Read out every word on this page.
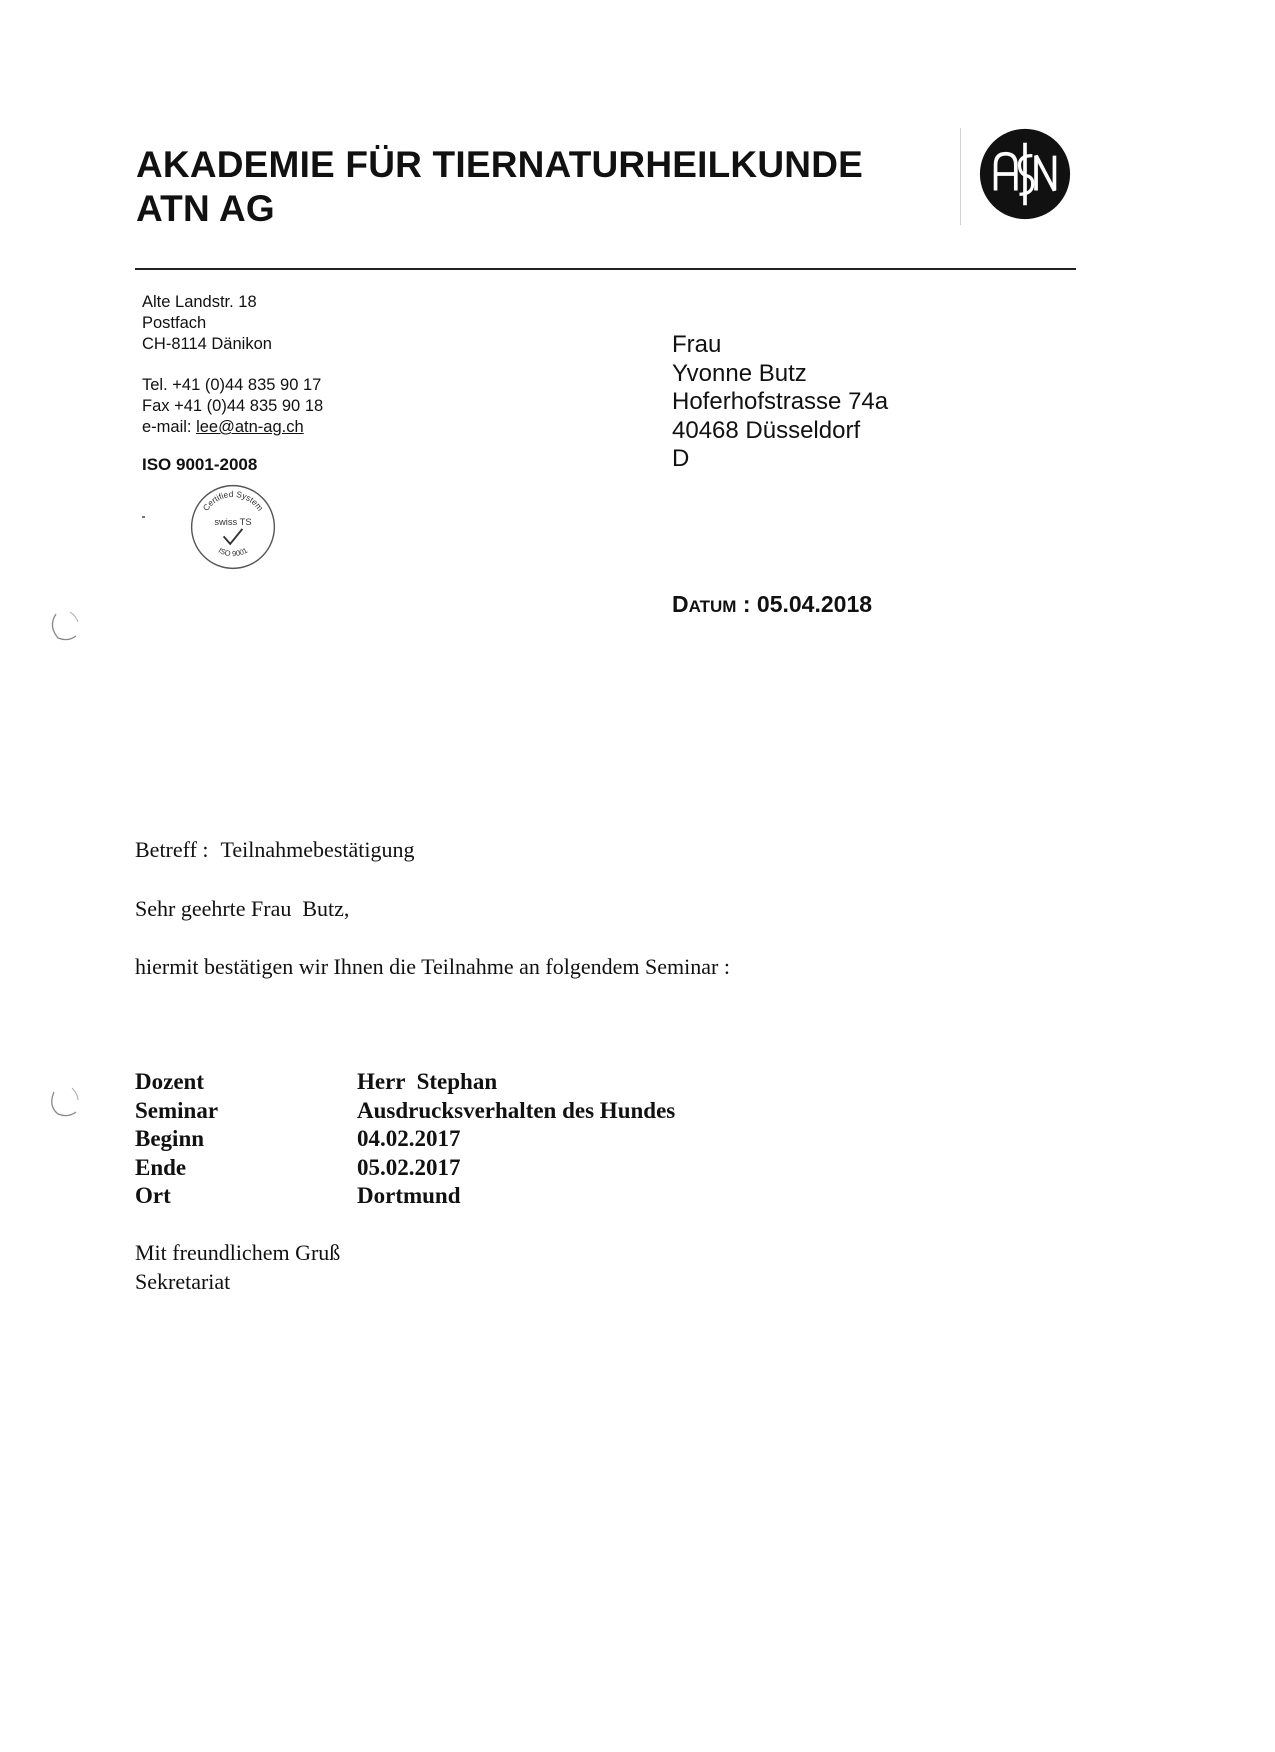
AKADEMIE FÜR TIERNATURHEILKUNDE
ATN AG
Alte Landstr. 18
Postfach
CH-8114 Dänikon
Tel. +41 (0)44 835 90 17
Fax +41 (0)44 835 90 18
e-mail: lee@atn-ag.ch
ISO 9001-2008
Certified System
swiss TS
ISO 9001
Frau
Yvonne Butz
Hoferhofstrasse 74a
40468 Düsseldorf
D
DATUM : 05.04.2018
Betreff : Teilnahmebestätigung
Sehr geehrte Frau  Butz,
hiermit bestätigen wir Ihnen die Teilnahme an folgendem Seminar :
Dozent	Herr  Stephan
Seminar	Ausdrucksverhalten des Hundes
Beginn	04.02.2017
Ende	05.02.2017
Ort	Dortmund
Mit freundlichem Gruß
Sekretariat
